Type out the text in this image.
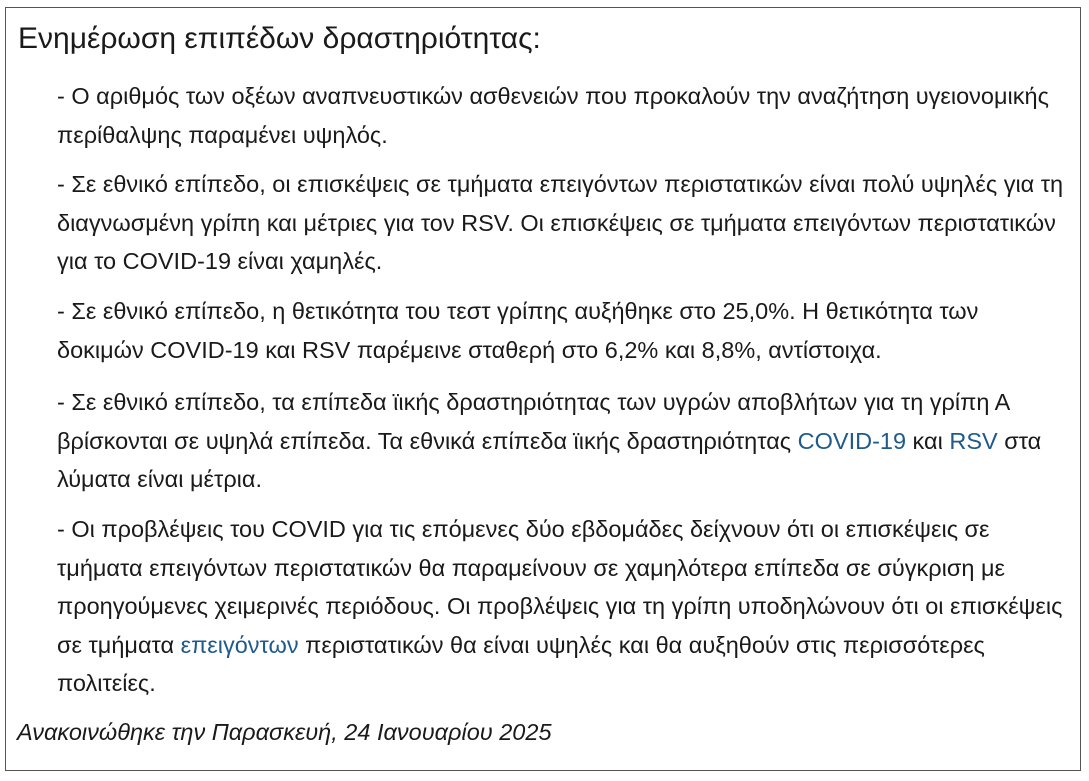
Ενημέρωση επιπέδων δραστηριότητας:

- Ο αριθμός των οξέων αναπνευστικών ασθενειών που προκαλούν την αναζήτηση υγειονομικής περίθαλψης παραμένει υψηλός.

- Σε εθνικό επίπεδο, οι επισκέψεις σε τμήματα επειγόντων περιστατικών είναι πολύ υψηλές για τη διαγνωσμένη γρίπη και μέτριες για τον RSV. Οι επισκέψεις σε τμήματα επειγόντων περιστατικών για το COVID-19 είναι χαμηλές.

- Σε εθνικό επίπεδο, η θετικότητα του τεστ γρίπης αυξήθηκε στο 25,0%. Η θετικότητα των δοκιμών COVID-19 και RSV παρέμεινε σταθερή στο 6,2% και 8,8%, αντίστοιχα.

- Σε εθνικό επίπεδο, τα επίπεδα ϊικής δραστηριότητας των υγρών αποβλήτων για τη γρίπη Α βρίσκονται σε υψηλά επίπεδα. Τα εθνικά επίπεδα ϊικής δραστηριότητας COVID-19 και RSV στα λύματα είναι μέτρια.

- Οι προβλέψεις του COVID για τις επόμενες δύο εβδομάδες δείχνουν ότι οι επισκέψεις σε τμήματα επειγόντων περιστατικών θα παραμείνουν σε χαμηλότερα επίπεδα σε σύγκριση με προηγούμενες χειμερινές περιόδους. Οι προβλέψεις για τη γρίπη υποδηλώνουν ότι οι επισκέψεις σε τμήματα επειγόντων περιστατικών θα είναι υψηλές και θα αυξηθούν στις περισσότερες πολιτείες.

Ανακοινώθηκε την Παρασκευή, 24 Ιανουαρίου 2025
